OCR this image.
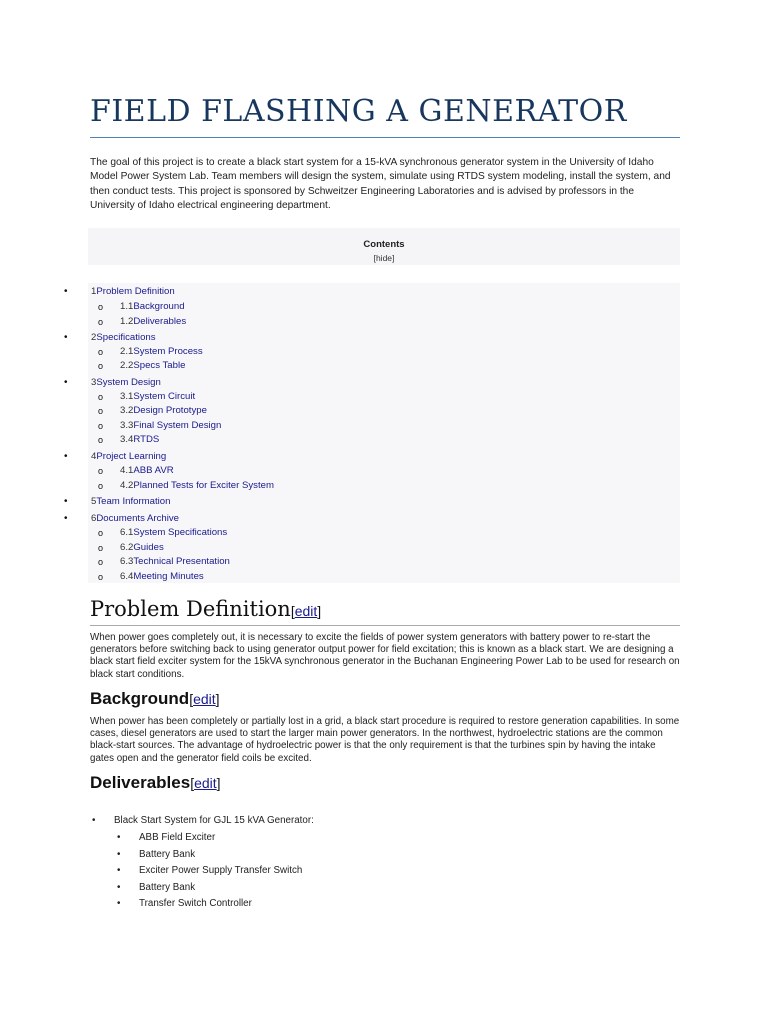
FIELD FLASHING A GENERATOR

The goal of this project is to create a black start system for a 15-kVA synchronous generator system in the University of Idaho Model Power System Lab. Team members will design the system, simulate using RTDS system modeling, install the system, and then conduct tests. This project is sponsored by Schweitzer Engineering Laboratories and is advised by professors in the University of Idaho electrical engineering department.

Contents
[hide]
• 1Problem Definition
o 1.1Background
o 1.2Deliverables
• 2Specifications
o 2.1System Process
o 2.2Specs Table
• 3System Design
o 3.1System Circuit
o 3.2Design Prototype
o 3.3Final System Design
o 3.4RTDS
• 4Project Learning
o 4.1ABB AVR
o 4.2Planned Tests for Exciter System
• 5Team Information
• 6Documents Archive
o 6.1System Specifications
o 6.2Guides
o 6.3Technical Presentation
o 6.4Meeting Minutes
Problem Definition[edit]

When power goes completely out, it is necessary to excite the fields of power system generators with battery power to re-start the generators before switching back to using generator output power for field excitation; this is known as a black start. We are designing a black start field exciter system for the 15kVA synchronous generator in the Buchanan Engineering Power Lab to be used for research on black start conditions.

Background[edit]

When power has been completely or partially lost in a grid, a black start procedure is required to restore generation capabilities. In some cases, diesel generators are used to start the larger main power generators. In the northwest, hydroelectric stations are the common black-start sources. The advantage of hydroelectric power is that the only requirement is that the turbines spin by having the intake gates open and the generator field coils be excited.

Deliverables[edit]
• Black Start System for GJL 15 kVA Generator:
• ABB Field Exciter
• Battery Bank
• Exciter Power Supply Transfer Switch
• Battery Bank
• Transfer Switch Controller
